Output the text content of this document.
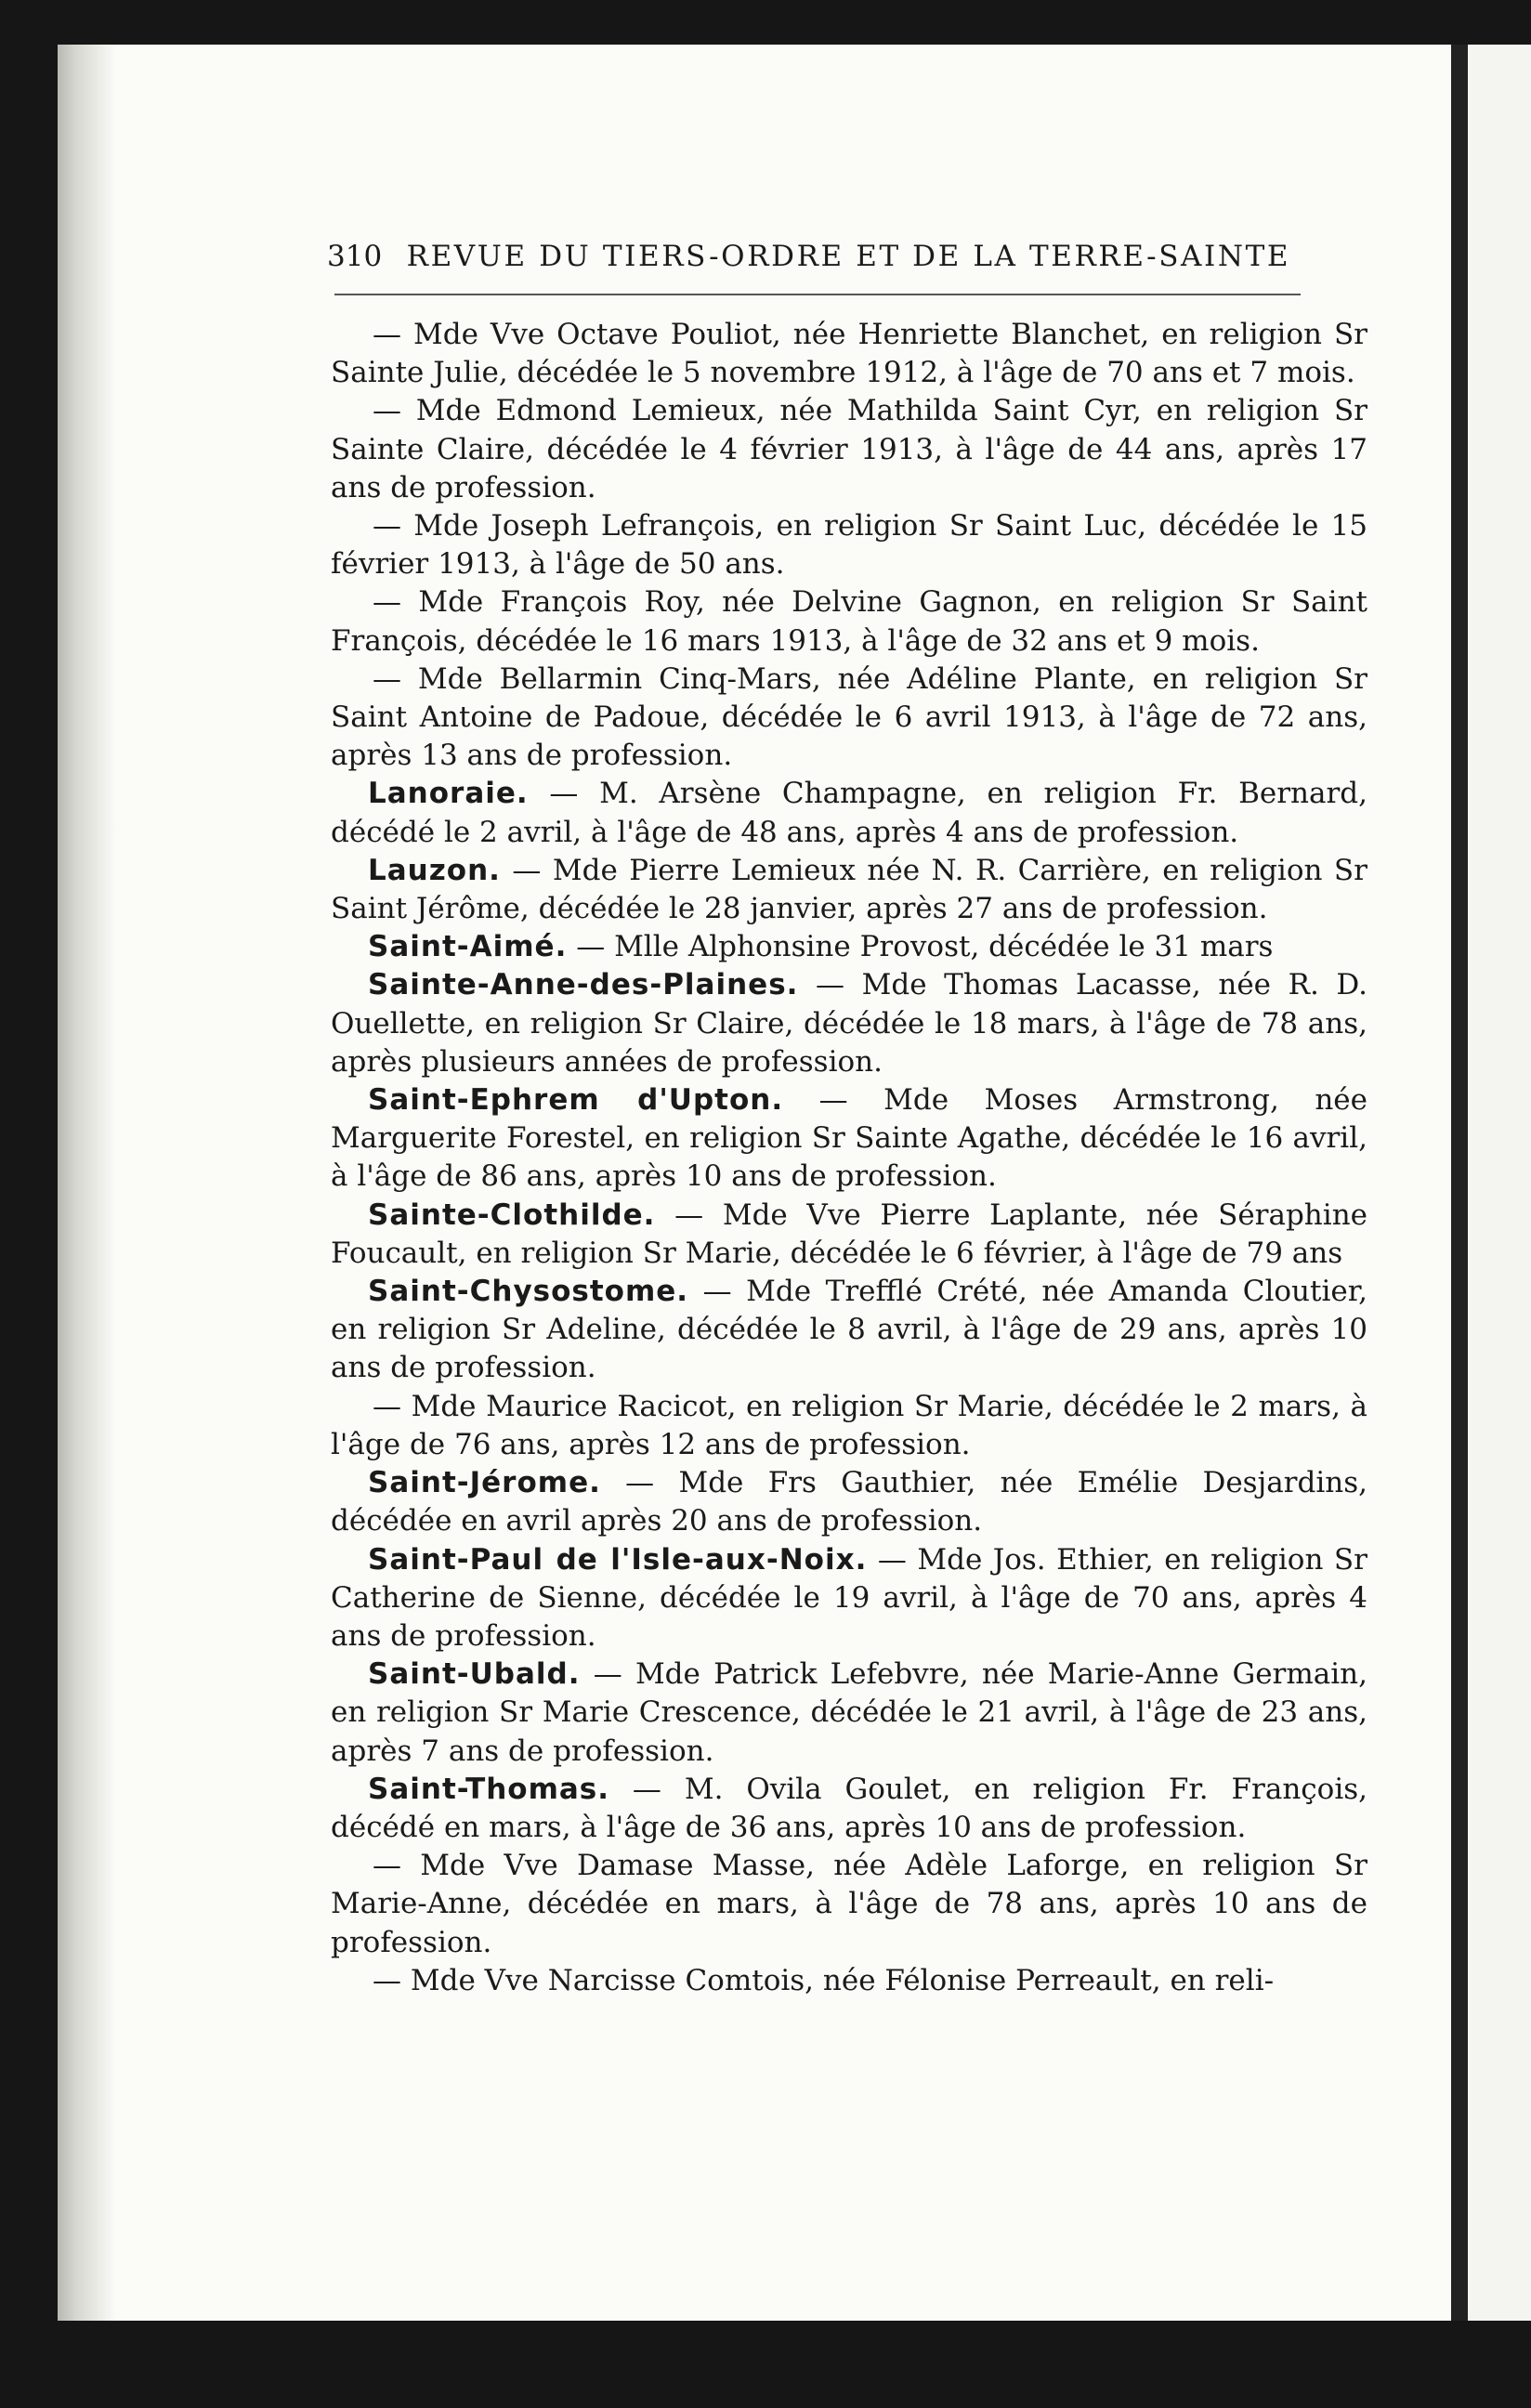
310 REVUE DU TIERS-ORDRE ET DE LA TERRE-SAINTE

— Mde Vve Octave Pouliot, née Henriette Blanchet, en religion Sr Sainte Julie, décédée le 5 novembre 1912, à l'âge de 70 ans et 7 mois.

— Mde Edmond Lemieux, née Mathilda Saint Cyr, en religion Sr Sainte Claire, décédée le 4 février 1913, à l'âge de 44 ans, après 17 ans de profession.

— Mde Joseph Lefrançois, en religion Sr Saint Luc, décédée le 15 février 1913, à l'âge de 50 ans.

— Mde François Roy, née Delvine Gagnon, en religion Sr Saint François, décédée le 16 mars 1913, à l'âge de 32 ans et 9 mois.

— Mde Bellarmin Cinq-Mars, née Adéline Plante, en religion Sr Saint Antoine de Padoue, décédée le 6 avril 1913, à l'âge de 72 ans, après 13 ans de profession.

Lanoraie. — M. Arsène Champagne, en religion Fr. Bernard, décédé le 2 avril, à l'âge de 48 ans, après 4 ans de profession.

Lauzon. — Mde Pierre Lemieux née N. R. Carrière, en religion Sr Saint Jérôme, décédée le 28 janvier, après 27 ans de profession.

Saint-Aimé. — Mlle Alphonsine Provost, décédée le 31 mars

Sainte-Anne-des-Plaines. — Mde Thomas Lacasse, née R. D. Ouellette, en religion Sr Claire, décédée le 18 mars, à l'âge de 78 ans, après plusieurs années de profession.

Saint-Ephrem d'Upton. — Mde Moses Armstrong, née Marguerite Forestel, en religion Sr Sainte Agathe, décédée le 16 avril, à l'âge de 86 ans, après 10 ans de profession.

Sainte-Clothilde. — Mde Vve Pierre Laplante, née Séraphine Foucault, en religion Sr Marie, décédée le 6 février, à l'âge de 79 ans

Saint-Chysostome. — Mde Trefflé Crété, née Amanda Cloutier, en religion Sr Adeline, décédée le 8 avril, à l'âge de 29 ans, après 10 ans de profession.

— Mde Maurice Racicot, en religion Sr Marie, décédée le 2 mars, à l'âge de 76 ans, après 12 ans de profession.

Saint-Jérome. — Mde Frs Gauthier, née Emélie Desjardins, décédée en avril après 20 ans de profession.

Saint-Paul de l'Isle-aux-Noix. — Mde Jos. Ethier, en religion Sr Catherine de Sienne, décédée le 19 avril, à l'âge de 70 ans, après 4 ans de profession.

Saint-Ubald. — Mde Patrick Lefebvre, née Marie-Anne Germain, en religion Sr Marie Crescence, décédée le 21 avril, à l'âge de 23 ans, après 7 ans de profession.

Saint-Thomas. — M. Ovila Goulet, en religion Fr. François, décédé en mars, à l'âge de 36 ans, après 10 ans de profession.

— Mde Vve Damase Masse, née Adèle Laforge, en religion Sr Marie-Anne, décédée en mars, à l'âge de 78 ans, après 10 ans de profession.

— Mde Vve Narcisse Comtois, née Félonise Perreault, en reli-
